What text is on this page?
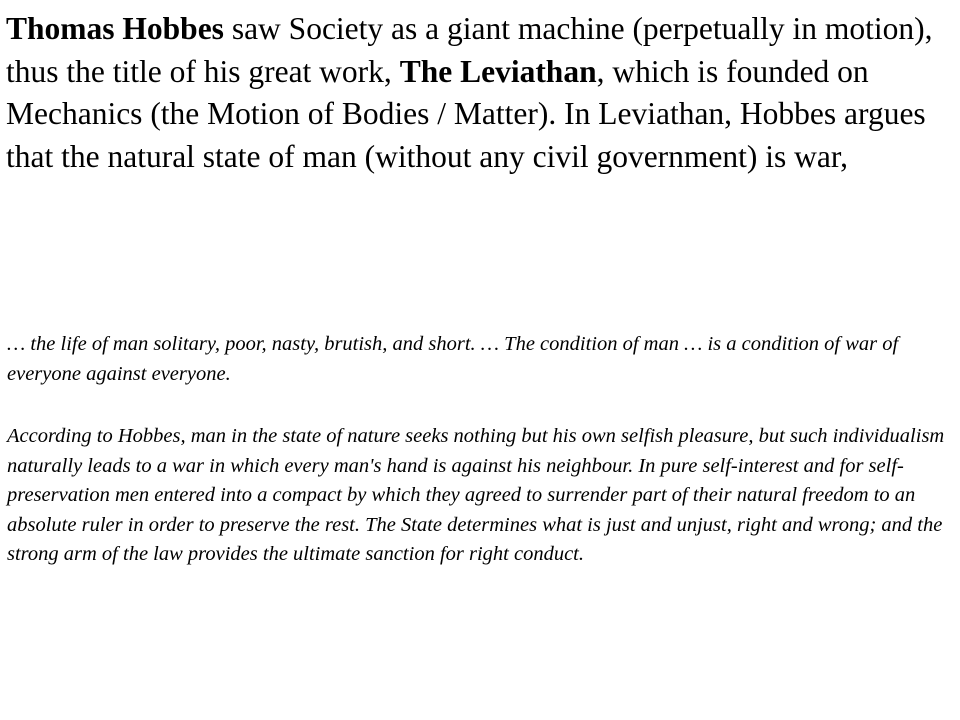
Thomas Hobbes saw Society as a giant machine (perpetually in motion), thus the title of his great work, The Leviathan, which is founded on Mechanics (the Motion of Bodies / Matter). In Leviathan, Hobbes argues that the natural state of man (without any civil government) is war,

… the life of man solitary, poor, nasty, brutish, and short. … The condition of man … is a condition of war of everyone against everyone.

According to Hobbes, man in the state of nature seeks nothing but his own selfish pleasure, but such individualism naturally leads to a war in which every man's hand is against his neighbour. In pure self-interest and for self-preservation men entered into a compact by which they agreed to surrender part of their natural freedom to an absolute ruler in order to preserve the rest. The State determines what is just and unjust, right and wrong; and the strong arm of the law provides the ultimate sanction for right conduct.
